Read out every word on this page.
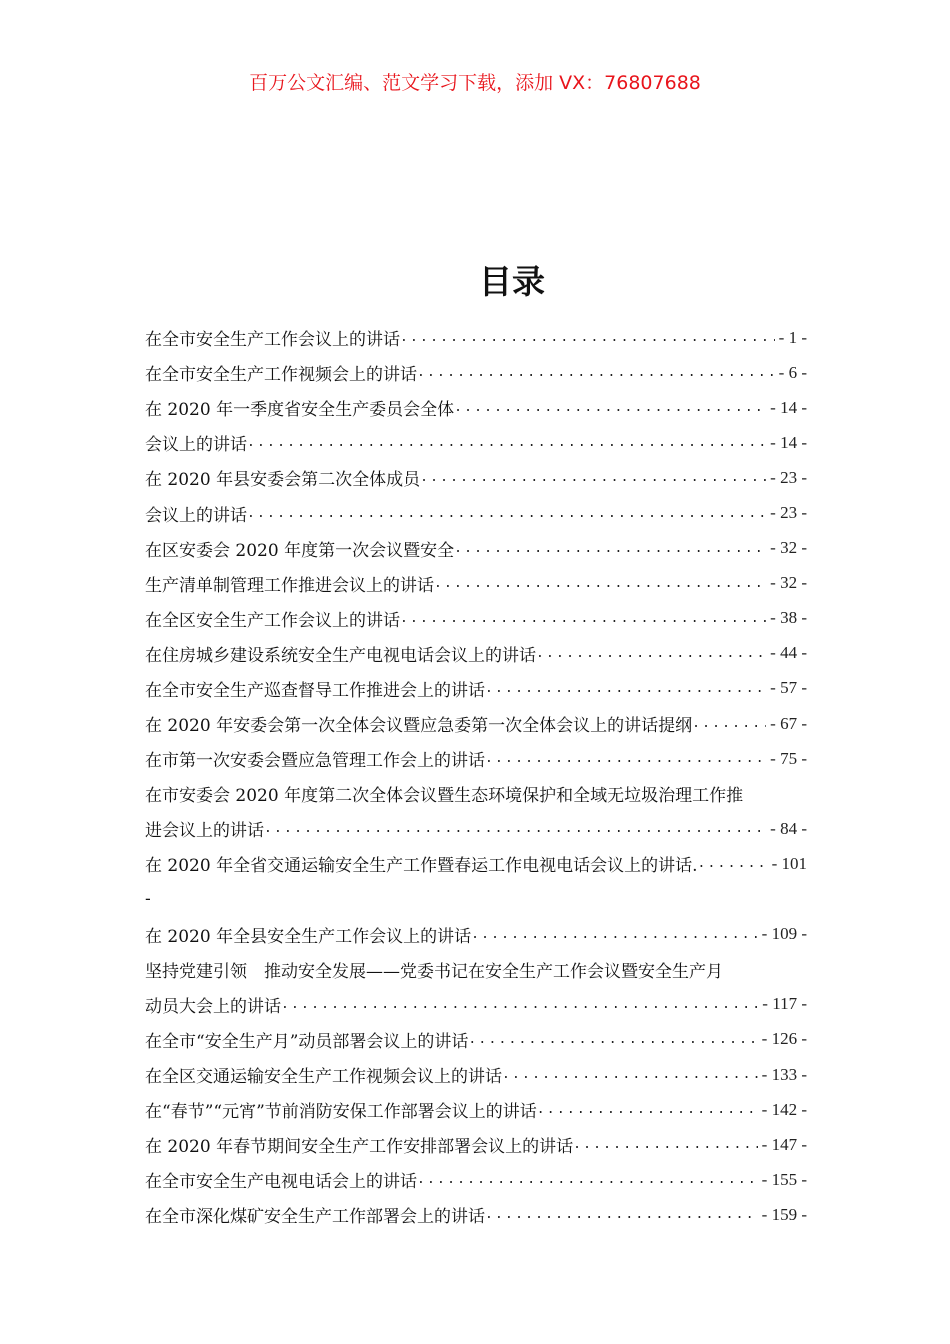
百万公文汇编、范文学习下载，添加 VX：76807688
目录
在全市安全生产工作会议上的讲话 .....	- 1 -
在全市安全生产工作视频会上的讲话 .....	- 6 -
在 2020 年一季度省安全生产委员会全体 .....	- 14 -
会议上的讲话 .....	- 14 -
在 2020 年县安委会第二次全体成员 .....	- 23 -
会议上的讲话 .....	- 23 -
在区安委会 2020 年度第一次会议暨安全 .....	- 32 -
生产清单制管理工作推进会议上的讲话 .....	- 32 -
在全区安全生产工作会议上的讲话 .....	- 38 -
在住房城乡建设系统安全生产电视电话会议上的讲话 .....	- 44 -
在全市安全生产巡查督导工作推进会上的讲话 .....	- 57 -
在 2020 年安委会第一次全体会议暨应急委第一次全体会议上的讲话提纲 .....	- 67 -
在市第一次安委会暨应急管理工作会上的讲话 .....	- 75 -
在市安委会 2020 年度第二次全体会议暨生态环境保护和全域无垃圾治理工作推
进会议上的讲话 .....	- 84 -
在 2020 年全省交通运输安全生产工作暨春运工作电视电话会议上的讲话. .....	- 101
-
在 2020 年全县安全生产工作会议上的讲话 .....	- 109 -
坚持党建引领　推动安全发展——党委书记在安全生产工作会议暨安全生产月
动员大会上的讲话 .....	- 117 -
在全市“安全生产月”动员部署会议上的讲话 .....	- 126 -
在全区交通运输安全生产工作视频会议上的讲话 .....	- 133 -
在“春节”“元宵”节前消防安保工作部署会议上的讲话 .....	- 142 -
在 2020 年春节期间安全生产工作安排部署会议上的讲话 .....	- 147 -
在全市安全生产电视电话会上的讲话 .....	- 155 -
在全市深化煤矿安全生产工作部署会上的讲话 .....	- 159 -
